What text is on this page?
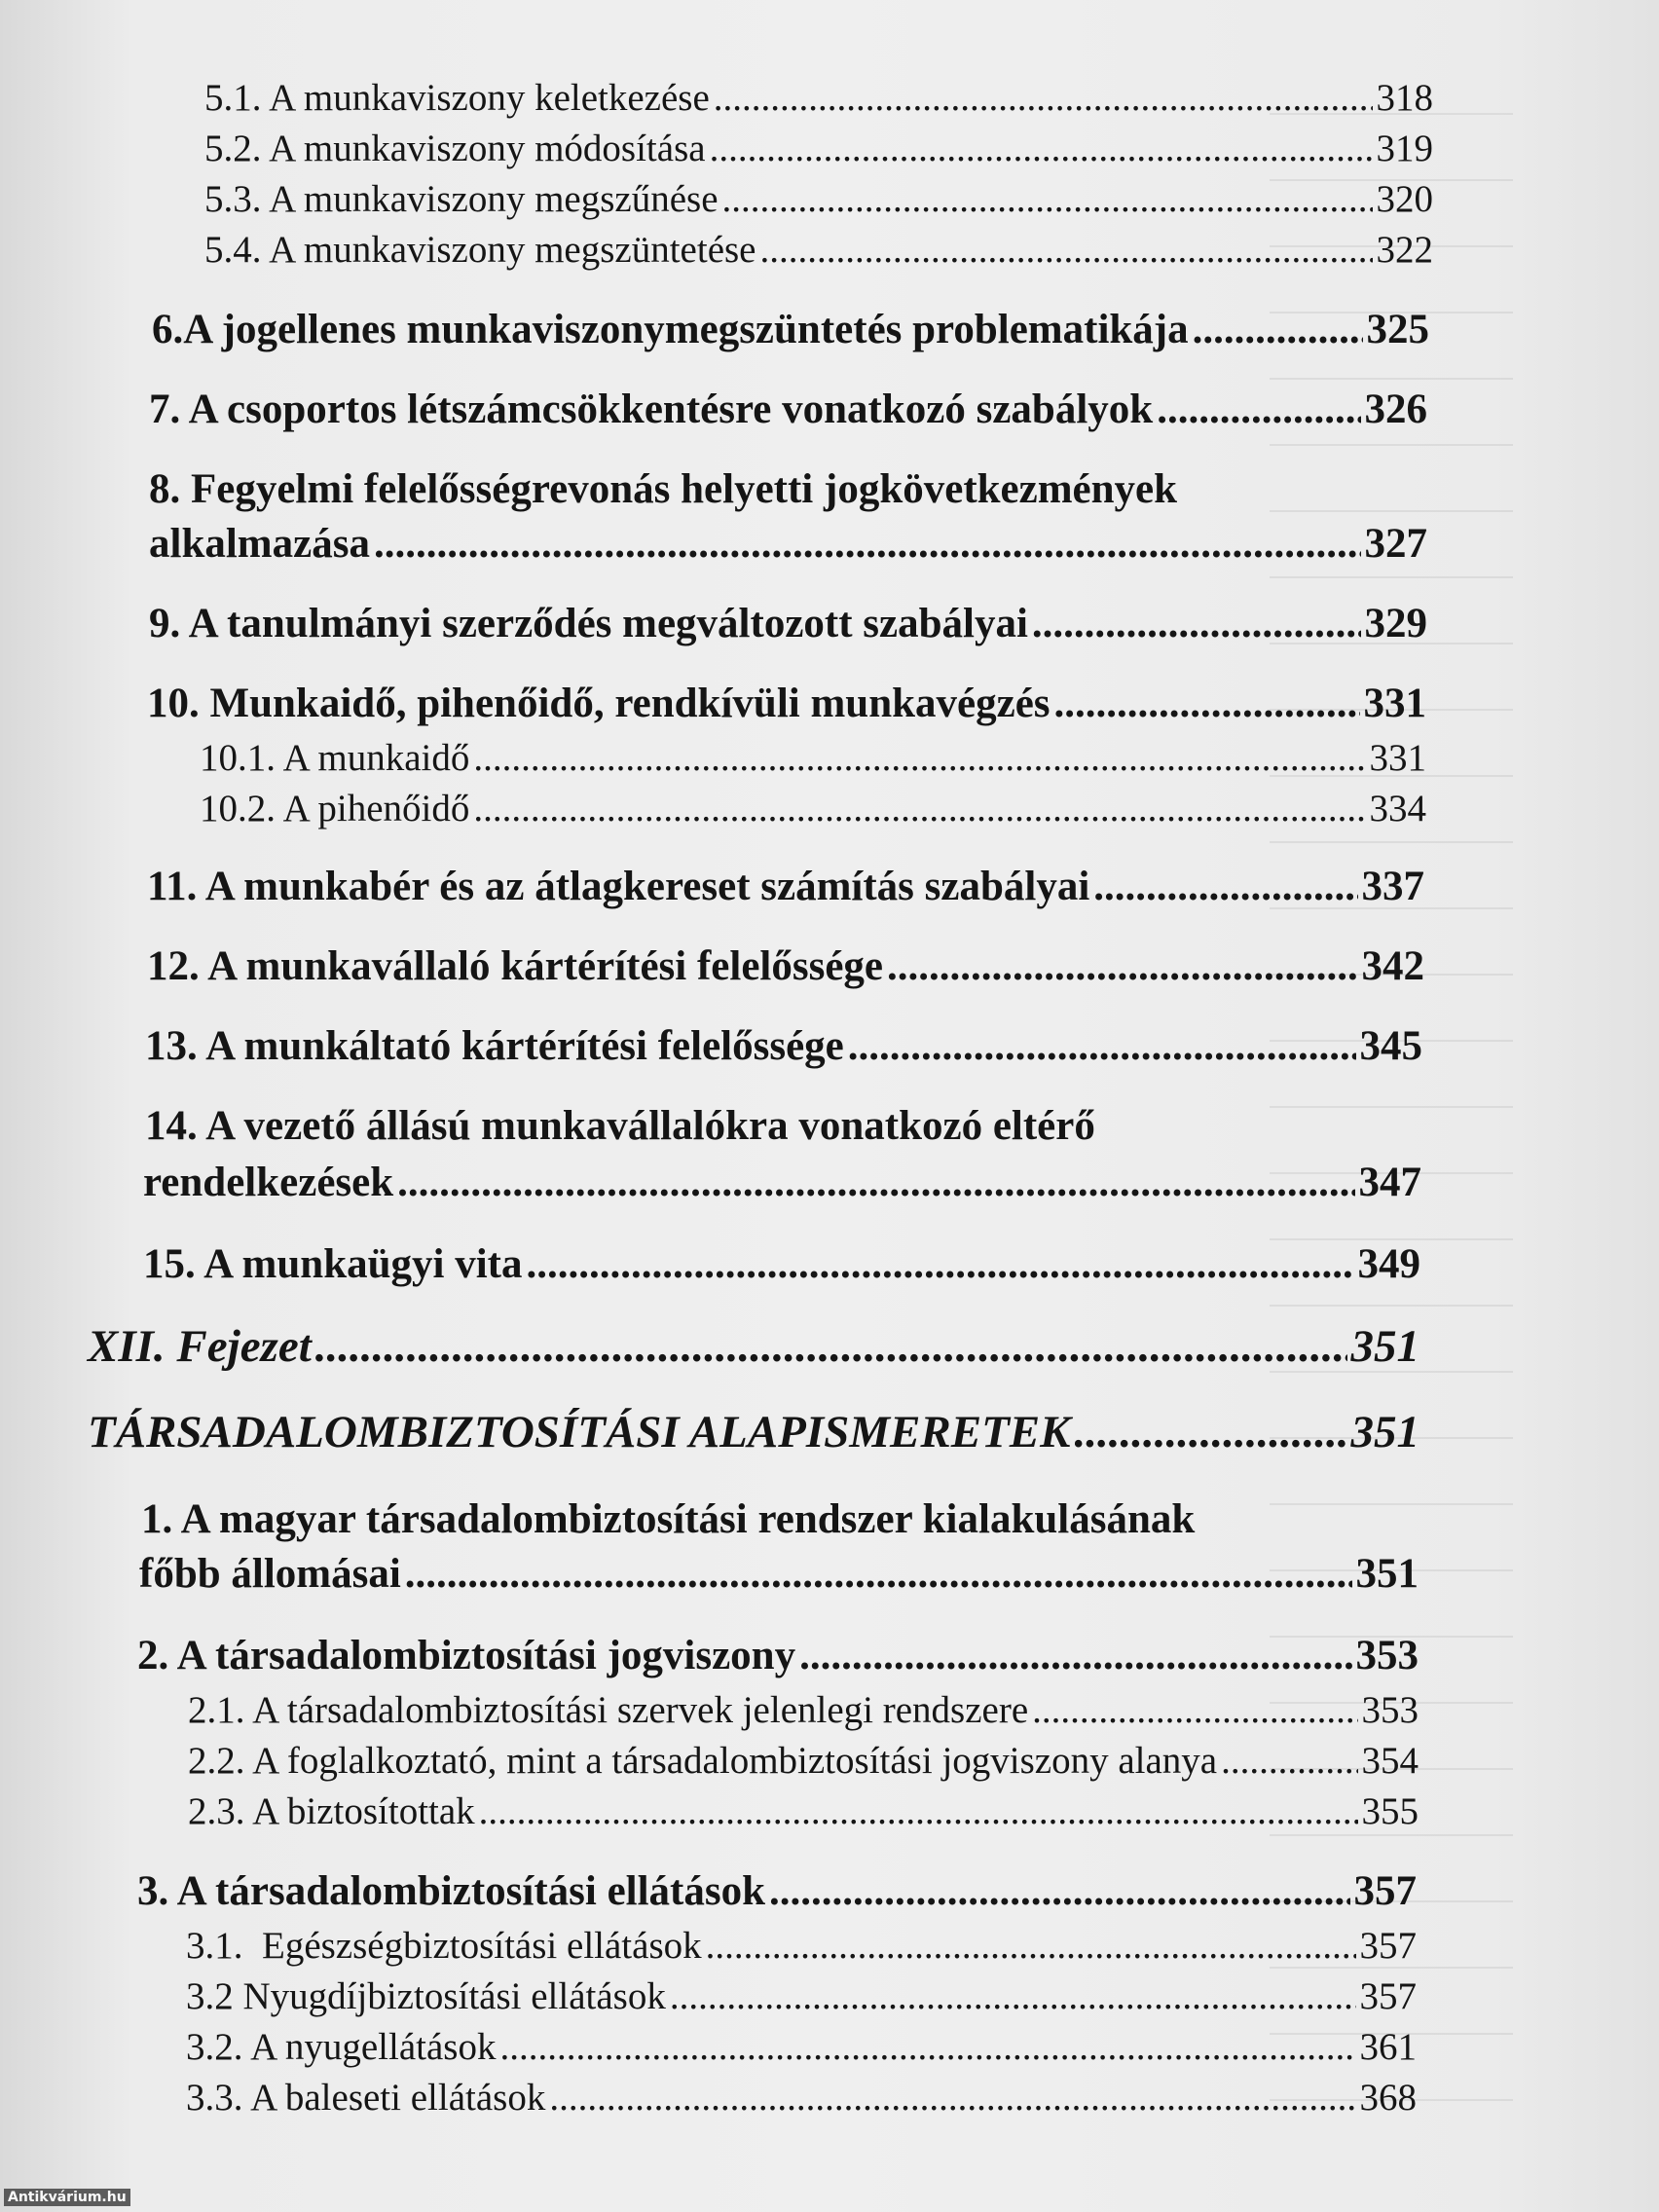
5.1. A munkaviszony keletkezése .....	318
5.2. A munkaviszony módosítása .....	319
5.3. A munkaviszony megszűnése .....	320
5.4. A munkaviszony megszüntetése .....	322
6.A jogellenes munkaviszonymegszüntetés problematikája .....	325
7. A csoportos létszámcsökkentésre vonatkozó szabályok .....	326
8. Fegyelmi felelősségrevonás helyetti jogkövetkezmények
alkalmazása .....	327
9. A tanulmányi szerződés megváltozott szabályai .....	329
10. Munkaidő, pihenőidő, rendkívüli munkavégzés .....	331
10.1. A munkaidő .....	331
10.2. A pihenőidő .....	334
11. A munkabér és az átlagkereset számítás szabályai .....	337
12. A munkavállaló kártérítési felelőssége .....	342
13. A munkáltató kártérítési felelőssége .....	345
14. A vezető állású munkavállalókra vonatkozó eltérő
rendelkezések .....	347
15. A munkaügyi vita .....	349
XII. Fejezet .....	351
TÁRSADALOMBIZTOSÍTÁSI ALAPISMERETEK .....	351
1. A magyar társadalombiztosítási rendszer kialakulásának
főbb állomásai .....	351
2. A társadalombiztosítási jogviszony .....	353
2.1. A társadalombiztosítási szervek jelenlegi rendszere .....	353
2.2. A foglalkoztató, mint a társadalombiztosítási jogviszony alanya .....	354
2.3. A biztosítottak .....	355
3. A társadalombiztosítási ellátások .....	357
3.1.  Egészségbiztosítási ellátások .....	357
3.2 Nyugdíjbiztosítási ellátások .....	357
3.2. A nyugellátások .....	361
3.3. A baleseti ellátások .....	368
Antikvárium.hu
